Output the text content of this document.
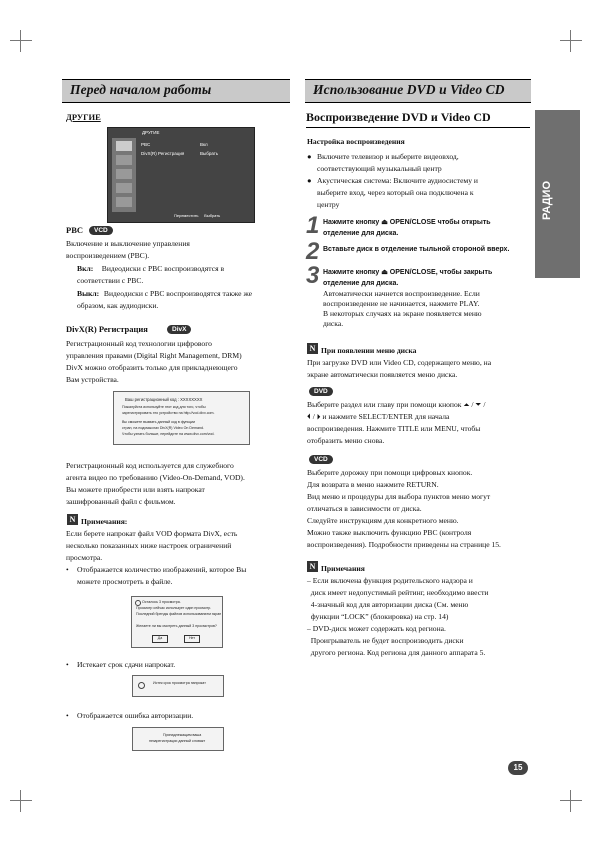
Перед началом работы	Использование DVD и Video CD
РАДИО
ДРУГИЕ
ДРУГИЕ
PBC	Вкл
DivX(R) Регистрация	Выбрать
Переместить     Выбрать
PBC	VCD
Включение и выключение управления
воспроизведением (PBC).
Вкл: Видеодиски с PBC воспроизводятся в
соответствии с PBC.
Выкл: Видеодиски с PBC воспроизводятся также же
образом, как аудиодиски.
DivX(R) Регистрация	DivX
Регистрационный код технологии цифрового
управления правами (Digital Right Management, DRM)
DivX можно отобразить только для прикладнеющего
Вам устройства.
Ваш регистрационный код : XXXXXXXX
Пожалуйста используйте этот код для того, чтобы
зарегистрировать это устройство на http://vod.divx.com.
Вы сможете вызвать данный код в функции
стран, на подсмыслах DivX(R) Video On Demand.
Чтобы узнать больше, перейдите на www.divx.com/vod.
Регистрационный код используется для служебного
агента видео по требованию (Video-On-Demand, VOD).
Вы можете приобрести или взять напрокат
зашифрованный файл с фильмом.
N Примечания:
Если берете напрокат файл VOD формата DivX, есть
несколько показанных ниже настроек ограничений
просмотра.
• Отображается количество изображений, которое Вы
можете просмотреть в файле.
Осталось 3 просмотра.
Просмотр сейчас использует один просмотр.
Последний бренды файлов использованием экран
Желаете ли вы смотреть данный 3 просмотров?
Да	Нет
• Истекает срок сдачи напрокат.
Истек срок просмотра напрокат
• Отображается ошибка авторизации.
Принадлежащим ваша
незарегистрации данный словакт
Воспроизведение DVD и Video CD
Настройка воспроизведения
● Включите телевизор и выберите видеовход,
соответствующий музыкальный центр
● Акустическая система: Включите аудиосистему и
выберите вход, через который она подключена к
центру
1 Нажмите кнопку ⏏ OPEN/CLOSE чтобы открыть
отделение для диска.
2 Вставьте диск в отделение тыльной стороной вверх.
3 Нажмите кнопку ⏏ OPEN/CLOSE, чтобы закрыть
отделение для диска.
Автоматически начнется воспроизведение. Если
воспроизведение не начинается, нажмите PLAY.
В некоторых случаях на экране появляется меню
диска.
N При появлении меню диска
При загрузке DVD или Video CD, содержащего меню, на
экране автоматически появляется меню диска.
DVD
Выберите раздел или главу при помощи кнопок ⏶ / ⏷ /
⏴ / ⏵ и нажмите SELECT/ENTER для начала
воспроизведения. Нажмите TITLE или MENU, чтобы
отобразить меню снова.
VCD
Выберите дорожку при помощи цифровых кнопок.
Для возврата в меню нажмите RETURN.
Вид меню и процедуры для выбора пунктов меню могут
отличаться в зависимости от диска.
Следуйте инструкциям для конкретного меню.
Можно также выключить функцию PBC (контроля
воспроизведения). Подробности приведены на странице 15.
N Примечания
– Если включена функция родительского надзора и
диск имеет недопустимый рейтинг, необходимо ввести
4-значный код для авторизации диска (См. меню
функции “LOCK” (блокировка) на стр. 14)
– DVD-диск может содержать код региона.
Проигрыватель не будет воспроизводить диски
другого региона. Код региона для данного аппарата 5.
15
